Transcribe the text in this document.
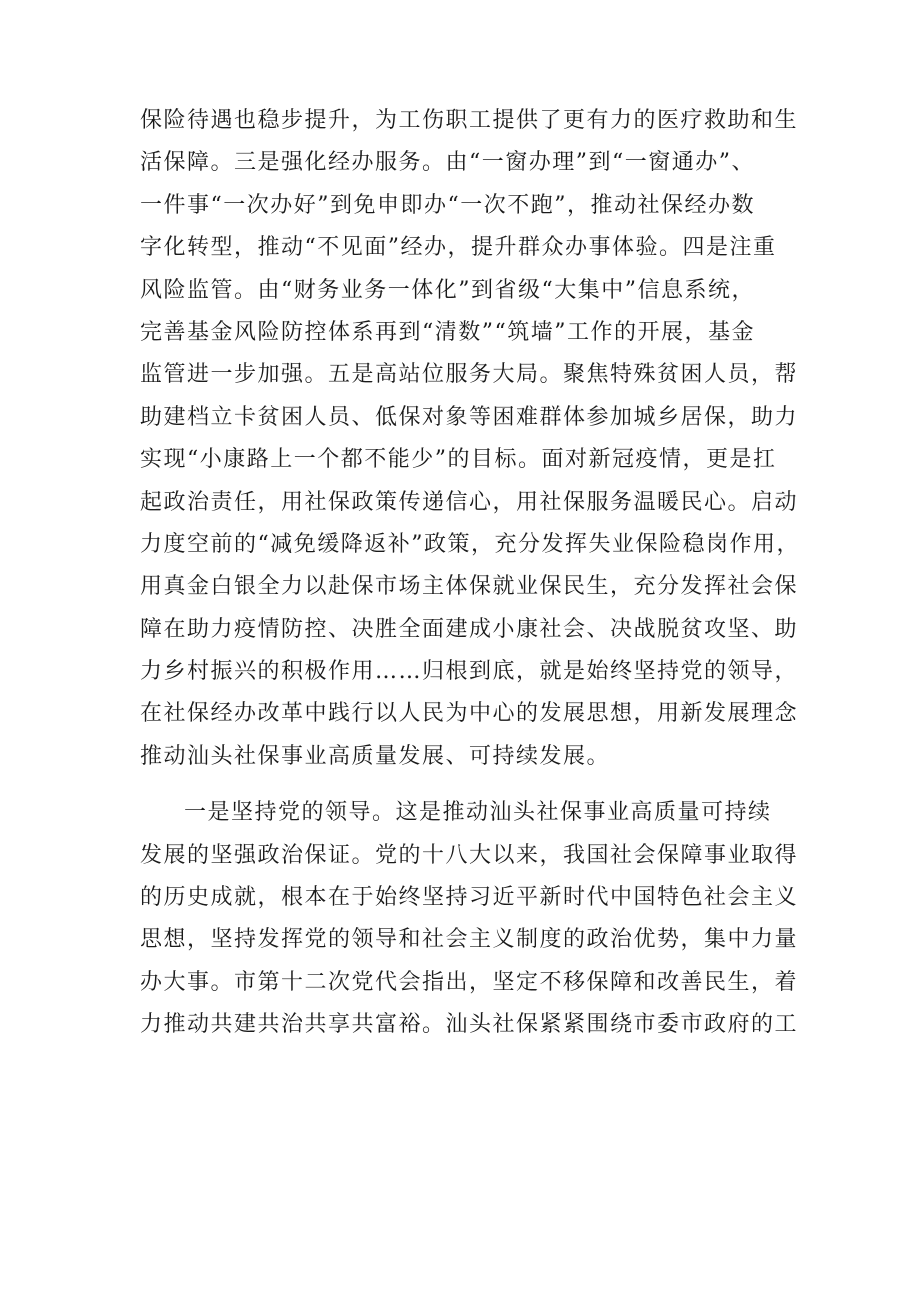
保险待遇也稳步提升，为工伤职工提供了更有力的医疗救助和生
活保障。三是强化经办服务。由“一窗办理”到“一窗通办”、
一件事“一次办好”到免申即办“一次不跑”，推动社保经办数
字化转型，推动“不见面”经办，提升群众办事体验。四是注重
风险监管。由“财务业务一体化”到省级“大集中”信息系统，
完善基金风险防控体系再到“清数”“筑墙”工作的开展，基金
监管进一步加强。五是高站位服务大局。聚焦特殊贫困人员，帮
助建档立卡贫困人员、低保对象等困难群体参加城乡居保，助力
实现“小康路上一个都不能少”的目标。面对新冠疫情，更是扛
起政治责任，用社保政策传递信心，用社保服务温暖民心。启动
力度空前的“减免缓降返补”政策，充分发挥失业保险稳岗作用，
用真金白银全力以赴保市场主体保就业保民生，充分发挥社会保
障在助力疫情防控、决胜全面建成小康社会、决战脱贫攻坚、助
力乡村振兴的积极作用……归根到底，就是始终坚持党的领导，
在社保经办改革中践行以人民为中心的发展思想，用新发展理念
推动汕头社保事业高质量发展、可持续发展。
一是坚持党的领导。这是推动汕头社保事业高质量可持续
发展的坚强政治保证。党的十八大以来，我国社会保障事业取得
的历史成就，根本在于始终坚持习近平新时代中国特色社会主义
思想，坚持发挥党的领导和社会主义制度的政治优势，集中力量
办大事。市第十二次党代会指出，坚定不移保障和改善民生，着
力推动共建共治共享共富裕。汕头社保紧紧围绕市委市政府的工
